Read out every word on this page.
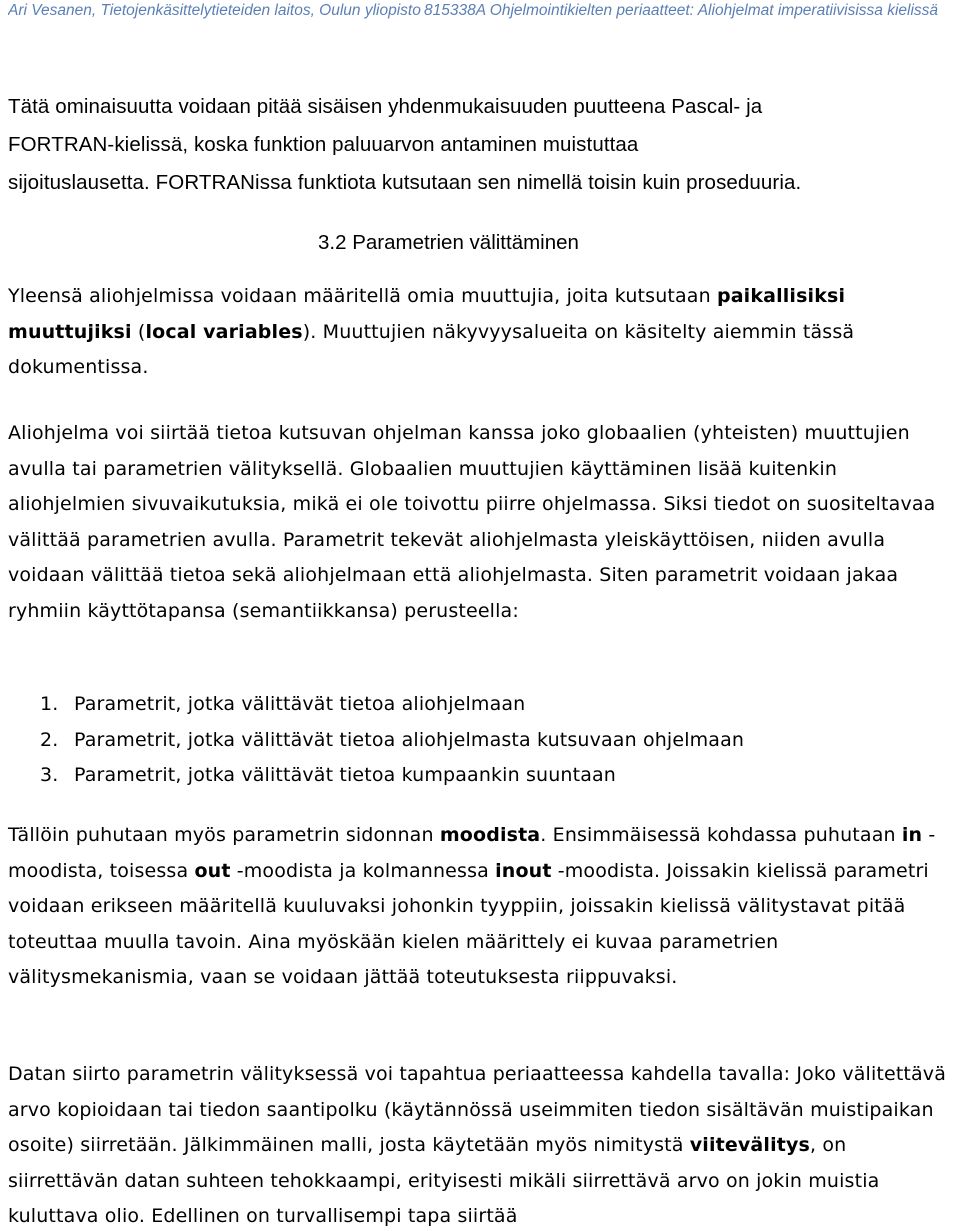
Ari Vesanen, Tietojenkäsittelytieteiden laitos, Oulun yliopisto 815338A Ohjelmointikielten periaatteet: Aliohjelmat imperatiivisissa kielissä

Tätä ominaisuutta voidaan pitää sisäisen yhdenmukaisuuden puutteena Pascal- ja

FORTRAN-kielissä, koska funktion paluuarvon antaminen muistuttaa

sijoituslausetta. FORTRANissa funktiota kutsutaan sen nimellä toisin kuin proseduuria.

3.2 Parametrien välittäminen

Yleensä aliohjelmissa voidaan määritellä omia muuttujia, joita kutsutaan paikallisiksi muuttujiksi (local variables). Muuttujien näkyvyysalueita on käsitelty aiemmin tässä dokumentissa.

Aliohjelma voi siirtää tietoa kutsuvan ohjelman kanssa joko globaalien (yhteisten) muuttujien avulla tai parametrien välityksellä. Globaalien muuttujien käyttäminen lisää kuitenkin aliohjelmien sivuvaikutuksia, mikä ei ole toivottu piirre ohjelmassa. Siksi tiedot on suositeltavaa välittää parametrien avulla. Parametrit tekevät aliohjelmasta yleiskäyttöisen, niiden avulla voidaan välittää tietoa sekä aliohjelmaan että aliohjelmasta. Siten parametrit voidaan jakaa ryhmiin käyttötapansa (semantiikkansa) perusteella:

1. Parametrit, jotka välittävät tietoa aliohjelmaan
2. Parametrit, jotka välittävät tietoa aliohjelmasta kutsuvaan ohjelmaan
3. Parametrit, jotka välittävät tietoa kumpaankin suuntaan

Tällöin puhutaan myös parametrin sidonnan moodista. Ensimmäisessä kohdassa puhutaan in -moodista, toisessa out -moodista ja kolmannessa inout -moodista. Joissakin kielissä parametri voidaan erikseen määritellä kuuluvaksi johonkin tyyppiin, joissakin kielissä välitystavat pitää toteuttaa muulla tavoin. Aina myöskään kielen määrittely ei kuvaa parametrien välitysmekanismia, vaan se voidaan jättää toteutuksesta riippuvaksi.

Datan siirto parametrin välityksessä voi tapahtua periaatteessa kahdella tavalla: Joko välitettävä arvo kopioidaan tai tiedon saantipolku (käytännössä useimmiten tiedon sisältävän muistipaikan osoite) siirretään. Jälkimmäinen malli, josta käytetään myös nimitystä viitevälitys, on siirrettävän datan suhteen tehokkaampi, erityisesti mikäli siirrettävä arvo on jokin muistia kuluttava olio. Edellinen on turvallisempi tapa siirtää
